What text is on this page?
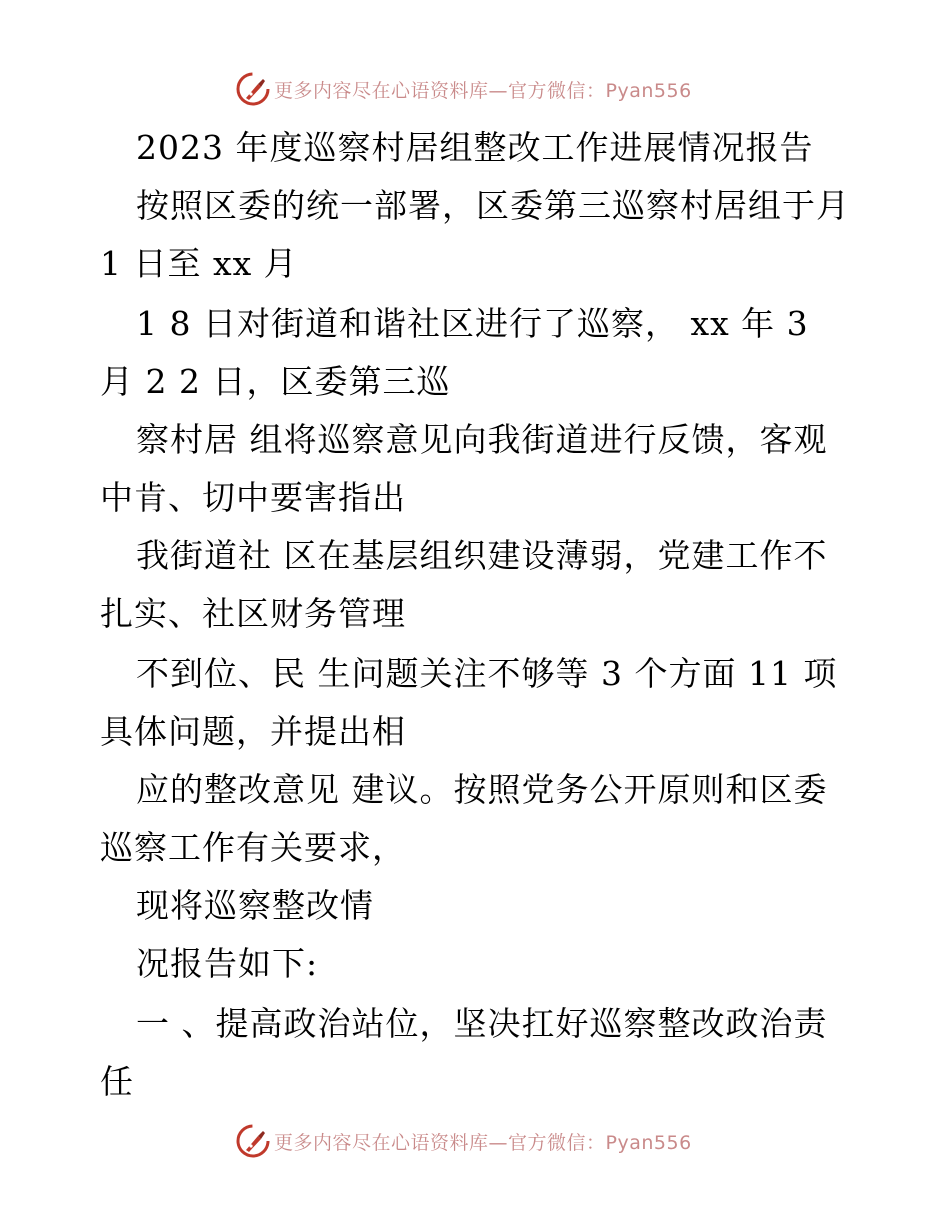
更多内容尽在心语资料库—官方微信：Pyan556
2023 年度巡察村居组整改工作进展情况报告
按照区委的统一部署，区委第三巡察村居组于月
1 日至 xx 月
1 8 日对街道和谐社区进行了巡察， xx 年 3
月 2 2 日，区委第三巡
察村居 组将巡察意见向我街道进行反馈，客观
中肯、切中要害指出
我街道社 区在基层组织建设薄弱，党建工作不
扎实、社区财务管理
不到位、民 生问题关注不够等 3 个方面 11 项
具体问题，并提出相
应的整改意见 建议。按照党务公开原则和区委
巡察工作有关要求，
现将巡察整改情
况报告如下:
一 、提高政治站位，坚决扛好巡察整改政治责
任
更多内容尽在心语资料库—官方微信：Pyan556
